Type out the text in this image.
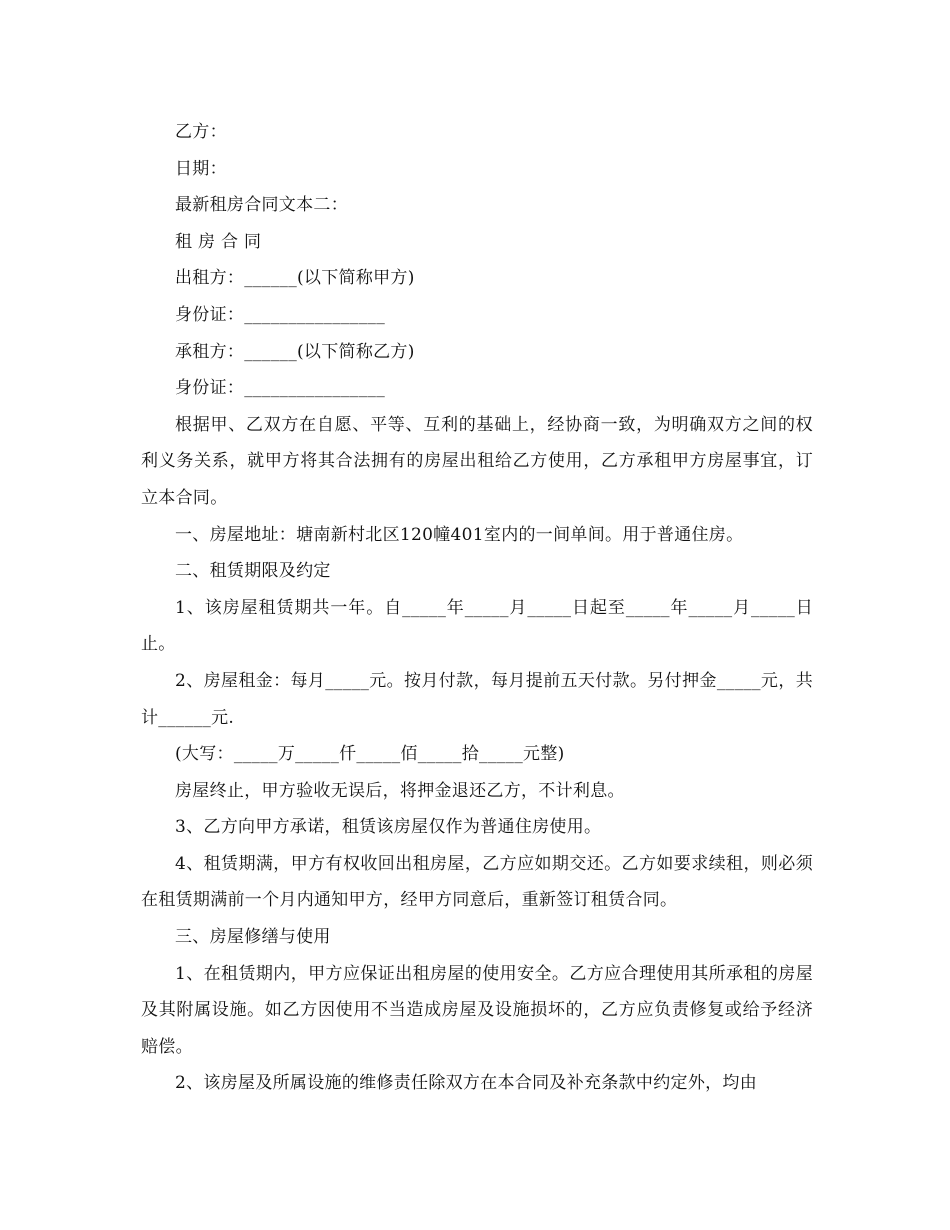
乙方：

日期：

最新租房合同文本二：

租 房 合 同

出租方：______(以下简称甲方)

身份证：________________

承租方：______(以下简称乙方)

身份证：________________

根据甲、乙双方在自愿、平等、互利的基础上，经协商一致，为明确双方之间的权利义务关系，就甲方将其合法拥有的房屋出租给乙方使用，乙方承租甲方房屋事宜，订立本合同。

一、房屋地址：塘南新村北区120幢401室内的一间单间。用于普通住房。

二、租赁期限及约定

1、该房屋租赁期共一年。自_____年_____月_____日起至_____年_____月_____日止。

2、房屋租金：每月_____元。按月付款，每月提前五天付款。另付押金_____元，共计______元.

(大写：_____万_____仟_____佰_____拾_____元整)

房屋终止，甲方验收无误后，将押金退还乙方，不计利息。

3、乙方向甲方承诺，租赁该房屋仅作为普通住房使用。

4、租赁期满，甲方有权收回出租房屋，乙方应如期交还。乙方如要求续租，则必须在租赁期满前一个月内通知甲方，经甲方同意后，重新签订租赁合同。

三、房屋修缮与使用

1、在租赁期内，甲方应保证出租房屋的使用安全。乙方应合理使用其所承租的房屋及其附属设施。如乙方因使用不当造成房屋及设施损坏的，乙方应负责修复或给予经济赔偿。

2、该房屋及所属设施的维修责任除双方在本合同及补充条款中约定外，均由
